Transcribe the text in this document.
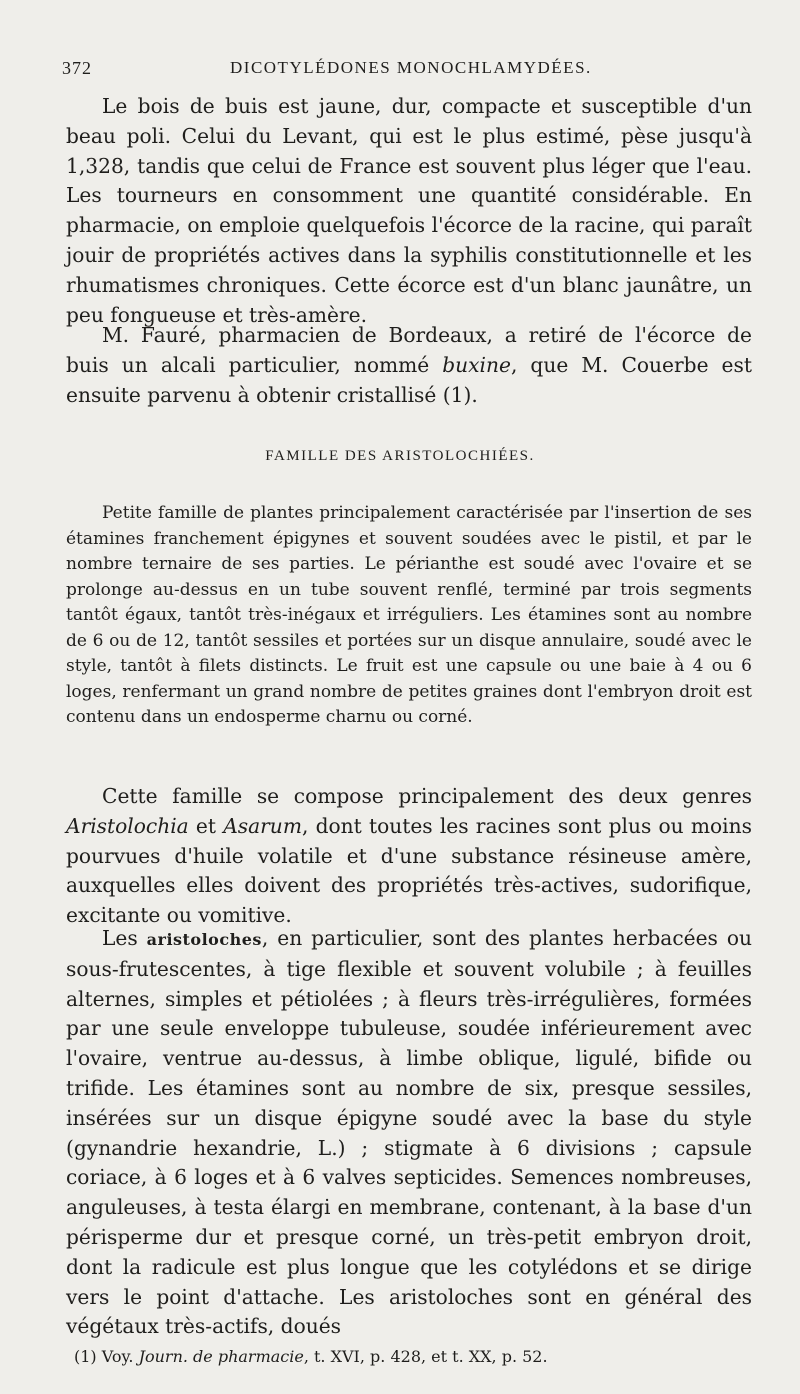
372	DICOTYLÉDONES MONOCHLAMYDÉES.

Le bois de buis est jaune, dur, compacte et susceptible d'un beau poli. Celui du Levant, qui est le plus estimé, pèse jusqu'à 1,328, tandis que celui de France est souvent plus léger que l'eau. Les tourneurs en consomment une quantité considérable. En pharmacie, on emploie quelquefois l'écorce de la racine, qui paraît jouir de propriétés actives dans la syphilis constitutionnelle et les rhumatismes chroniques. Cette écorce est d'un blanc jaunâtre, un peu fongueuse et très-amère.

M. Fauré, pharmacien de Bordeaux, a retiré de l'écorce de buis un alcali particulier, nommé buxine, que M. Couerbe est ensuite parvenu à obtenir cristallisé (1).

FAMILLE DES ARISTOLOCHIÉES.

Petite famille de plantes principalement caractérisée par l'insertion de ses étamines franchement épigynes et souvent soudées avec le pistil, et par le nombre ternaire de ses parties. Le périanthe est soudé avec l'ovaire et se prolonge au-dessus en un tube souvent renflé, terminé par trois segments tantôt égaux, tantôt très-inégaux et irréguliers. Les étamines sont au nombre de 6 ou de 12, tantôt sessiles et portées sur un disque annulaire, soudé avec le style, tantôt à filets distincts. Le fruit est une capsule ou une baie à 4 ou 6 loges, renfermant un grand nombre de petites graines dont l'embryon droit est contenu dans un endosperme charnu ou corné.

Cette famille se compose principalement des deux genres Aristolochia et Asarum, dont toutes les racines sont plus ou moins pourvues d'huile volatile et d'une substance résineuse amère, auxquelles elles doivent des propriétés très-actives, sudorifique, excitante ou vomitive.

Les aristoloches, en particulier, sont des plantes herbacées ou sous-frutescentes, à tige flexible et souvent volubile ; à feuilles alternes, simples et pétiolées ; à fleurs très-irrégulières, formées par une seule enveloppe tubuleuse, soudée inférieurement avec l'ovaire, ventrue au-dessus, à limbe oblique, ligulé, bifide ou trifide. Les étamines sont au nombre de six, presque sessiles, insérées sur un disque épigyne soudé avec la base du style (gynandrie hexandrie, L.) ; stigmate à 6 divisions ; capsule coriace, à 6 loges et à 6 valves septicides. Semences nombreuses, anguleuses, à testa élargi en membrane, contenant, à la base d'un périsperme dur et presque corné, un très-petit embryon droit, dont la radicule est plus longue que les cotylédons et se dirige vers le point d'attache. Les aristoloches sont en général des végétaux très-actifs, doués

(1) Voy. Journ. de pharmacie, t. XVI, p. 428, et t. XX, p. 52.
